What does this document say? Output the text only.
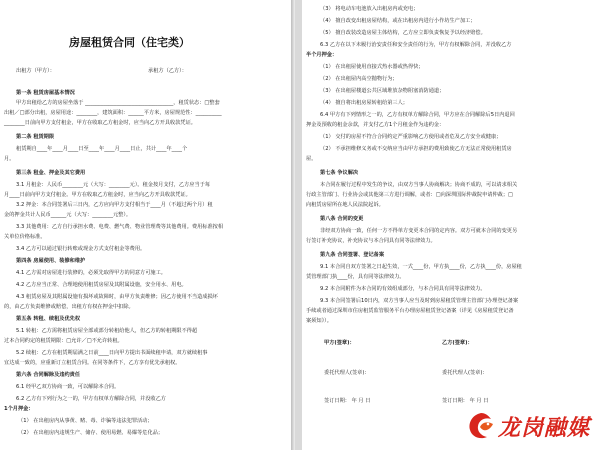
房屋租赁合同（住宅类）
出租方（甲方）：	承租方（乙方）：
第一条 租赁房屋基本情况
甲方出租给乙方的房屋坐落于 __________________________________，租赁状态：□整套
出租／□部分出租，房屋用途：________，建筑面积：______平方米，房屋规范性：__________
________日前向甲方支付租金，甲方在收取乙方租金时，应当向乙方开具收款凭证。
第二条 租赁期限
租赁期自____年____月____日至____年____月____日止，共计____年____个
月。
第三条 租金、押金及其它费用
3.1 月租金：人民币________元（大写：________元）。租金按月支付，乙方应当于每
月____日前向甲方支付租金。甲方在收取乙方租金时，应当向乙方开具收款凭证。
3.2 押金：本合同签署后三日内，乙方应向甲方支付相当于____月（不超过两个月）租
金的押金共计人民币______元（大写：________元整）。
3.3 其他费用：乙方自行承担水费、电费、燃气费、物业管理费等其他费用。费用标准按相
关单位价格标准。
3.4 乙方可以通过银行转账或现金方式支付租金等费用。
第四条 房屋使用、装修和维护
4.1 乙方需对房屋进行装修的，必须先取得甲方的同意方可施工。
4.2 乙方应当正常、合理地使用租赁房屋及其附属设施，安全用水、用电。
4.3 租赁房屋及其附属设施有损坏或故障时，由甲方负责维修；因乙方使用不当造成损坏
的，由乙方负责维修或赔偿，出租方有权在押金中扣除。
第五条 转租、续租及优先权
5.1 转租：乙方需将租赁房屋全部或部分转租给他人，但乙方的转租期限不得超
过本合同约定的租赁期限：□允许／□不允许转租。
5.2 续租：乙方在租赁期届满之日前____日向甲方提出书面续租申请，双方就续租事
宜达成一致的，应重新订立租赁合同。在同等条件下，乙方享有优先承租权。
第六条 合同解除及违约责任
6.1 经甲乙双方协商一致，可以解除本合同。
6.2 乙方有下列行为之一的，甲方有权单方解除合同，并没收乙方
1个月押金：
（1） 在出租房内从事黄、赌、毒、诈骗等违法犯罪活动；
（2） 在出租房内违规生产、储存、使用易燃、易爆等危化品；
（3） 将电动车电池放入出租房内或充电；
（4） 擅自改变出租房屋结构，或在出租房内进行小作坊生产加工；
（5） 擅自改装改造房屋主体结构，乙方应立即负责恢复予以经济赔偿。
6.3 乙方在以下未履行治安责任和安全责任的行为，甲方有权解除合同，并没收乙方
半个月押金：
（1） 在出租屋使用直接式热水器或热得快；
（2） 在出租屋内高空抛物行为；
（3） 在出租屋楼道公共区域堆放杂物阻塞消防通道；
（4） 擅自将出租房屋转租给第三人；
6.4 甲方有下列情形之一的，乙方有权单方解除合同，甲方应在合同解除后5日内退回
押金及预收的租金余款，并支付乙方1个月租金作为违约金：
（1） 交付的房屋不符合合同约定严重影响乙方使用或者危及乙方安全或健康；
（2） 不承担维修义务或不交纳应当由甲方承担的费用致使乙方无法正常使用租赁房
屋。
第七条 争议解决
本合同在履行过程中发生的争议，由双方当事人协商解决；协商不成的，可以请求相关
行政主管部门、行业协会或其他第三方进行调解，或者：□向深圳国际仲裁院申请仲裁；□
向租赁房屋所在地人民法院起诉。
第八条 合同的变更
非经双方协商一致，任何一方不得单方变更本合同的定内容。双方可就本合同的变更另
行签订补充协议，补充协议与本合同具有同等法律效力。
第九条 合同签署、登记备案
9.1 本合同自双方签署之日起生效，一式____份，甲方执____份，乙方执____份，房屋租
赁管理部门执____份，具有同等法律效力。
9.2 本合同附件为本合同的有效组成部分，与本合同具有同等法律效力。
9.3 本合同签署后10日内，双方当事人应当及时到房屋租赁管理主管部门办理登记备案
手续或者通过深圳市住房租赁监管服务平台办理房屋租赁登记备案（详见《房屋租赁登记备
案须知》）。
甲方(签章)：	乙方(签章)：
委托代理人(签章)：	委托代理人(签章)：
签订日期： 年 月 日	签订日期： 年 月 日
龙岗融媒
